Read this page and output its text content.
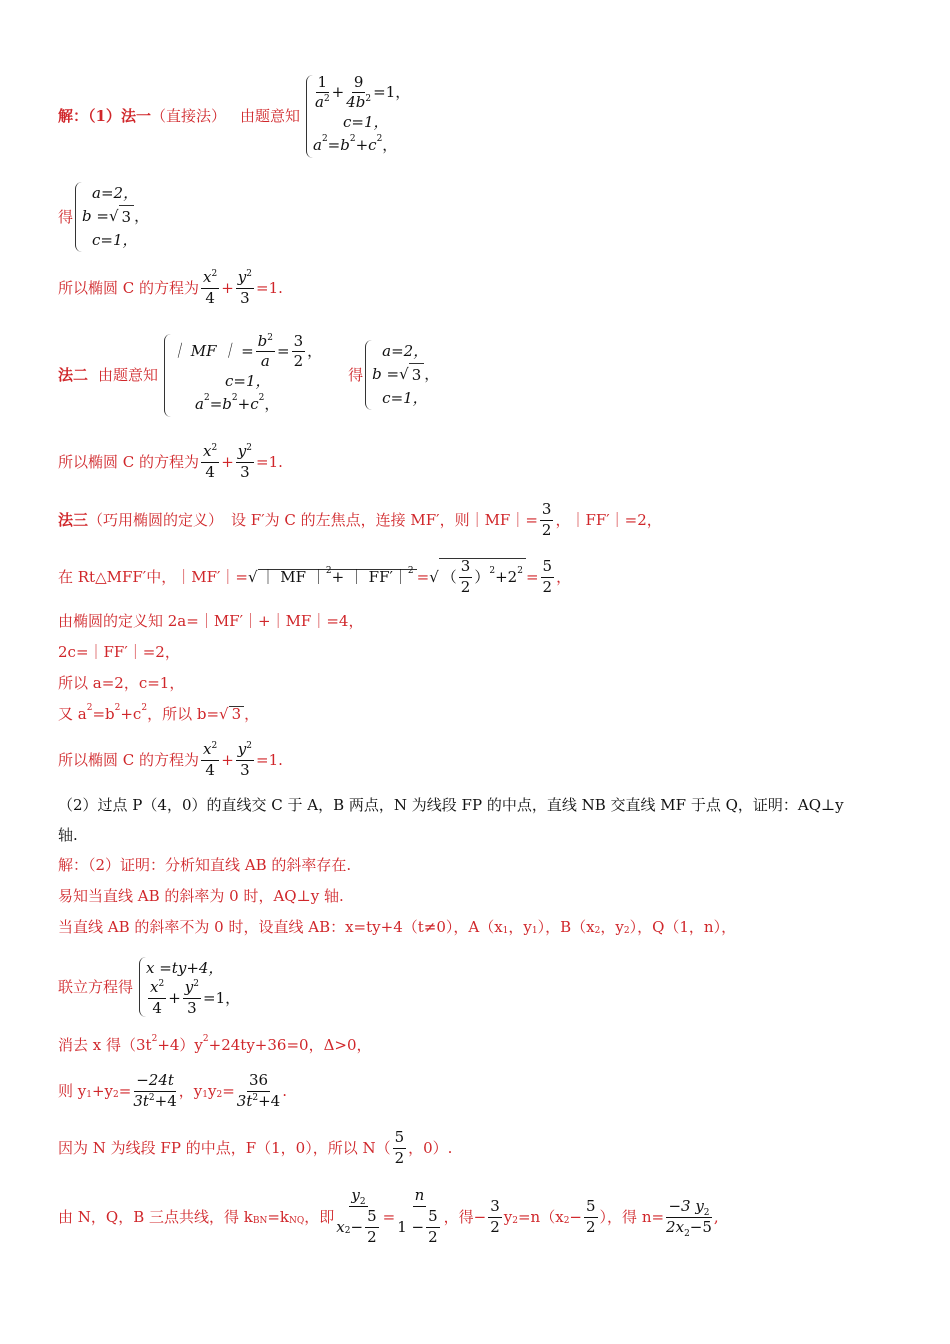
解：（1） 法一 （直接法） 由题意知
$\frac{1}{a^2} + \frac{9}{4b^2} =1$，
c=1，
a 2 =b 2 +c 2 ，
得
a=2，
b = √ 3 ，
c=1，
所以椭圆 C 的方程为 $\frac{x^2}{4} + \frac{y^2}{3} =1$.
法二 由题意知
｜ MF ｜ = $\frac{b^2}{a} = \frac{3}{2}$ ，
c=1，
a 2 =b 2 +c 2 ，
得
a=2，
b = √ 3 ，
c=1，
所以椭圆 C 的方程为 $\frac{x^2}{4} + \frac{y^2}{3} =1$.
法三 （巧用椭圆的定义） 设 F′为 C 的左焦点，连接 MF′，则｜MF｜= $\frac{3}{2}$ ，｜FF′｜=2，
在 Rt△MFF′中，｜MF′｜= √ ｜ MF ｜ 2 + ｜ FF′｜ 2 = √ （ $\frac{3}{2}$ ） 2 +2 $2 = \frac{5}{2}$ ，
由椭圆的定义知 2a=｜MF′｜+｜MF｜=4，
2c=｜FF′｜=2，
所以 a=2，c=1，
又 a 2 =b 2 +c 2 ，所以 b= √ 3 ，
所以椭圆 C 的方程为 $\frac{x^2}{4} + \frac{y^2}{3} =1$.
（2）过点 P（4，0）的直线交 C 于 A，B 两点，N 为线段 FP 的中点，直线 NB 交直线 MF 于点 Q，证明：AQ⊥y
轴.
解：（2）证明：分析知直线 AB 的斜率存在.
易知当直线 AB 的斜率为 0 时，AQ⊥y 轴.
当直线 AB 的斜率不为 0 时，设直线 AB：x=ty+4（t≠0），A（x 1 ，y 1 ），B（x 2 ，y 2 ），Q（1，n），
联立方程得
x =ty+4，
$\frac{x^2}{4} + \frac{y^2}{3} =1$，
消去 x 得（3t 2 +4）y 2 +24ty+36=0，Δ>0，
则 y 1 +y $2 = \frac{-24t}{3t^2+4}$ ，y 1 y $2 = \frac{36}{3t^2+4}$ .
因为 N 为线段 FP 的中点，F（1，0），所以 $N( \frac{5}{2}$ ，0）.
由 N，Q，B 三点共线，得 k BN =k NQ ，即 $\frac{y_2}{x 2 - \frac{5}{2}} = \frac{n}{1 - \frac{5}{2}}$ ，得− $\frac{3}{2}$ y 2 =n（x $2 - \frac{5}{2}$ ），得 $n= \frac{-3 y_2}{2x_2-5}$ ,
